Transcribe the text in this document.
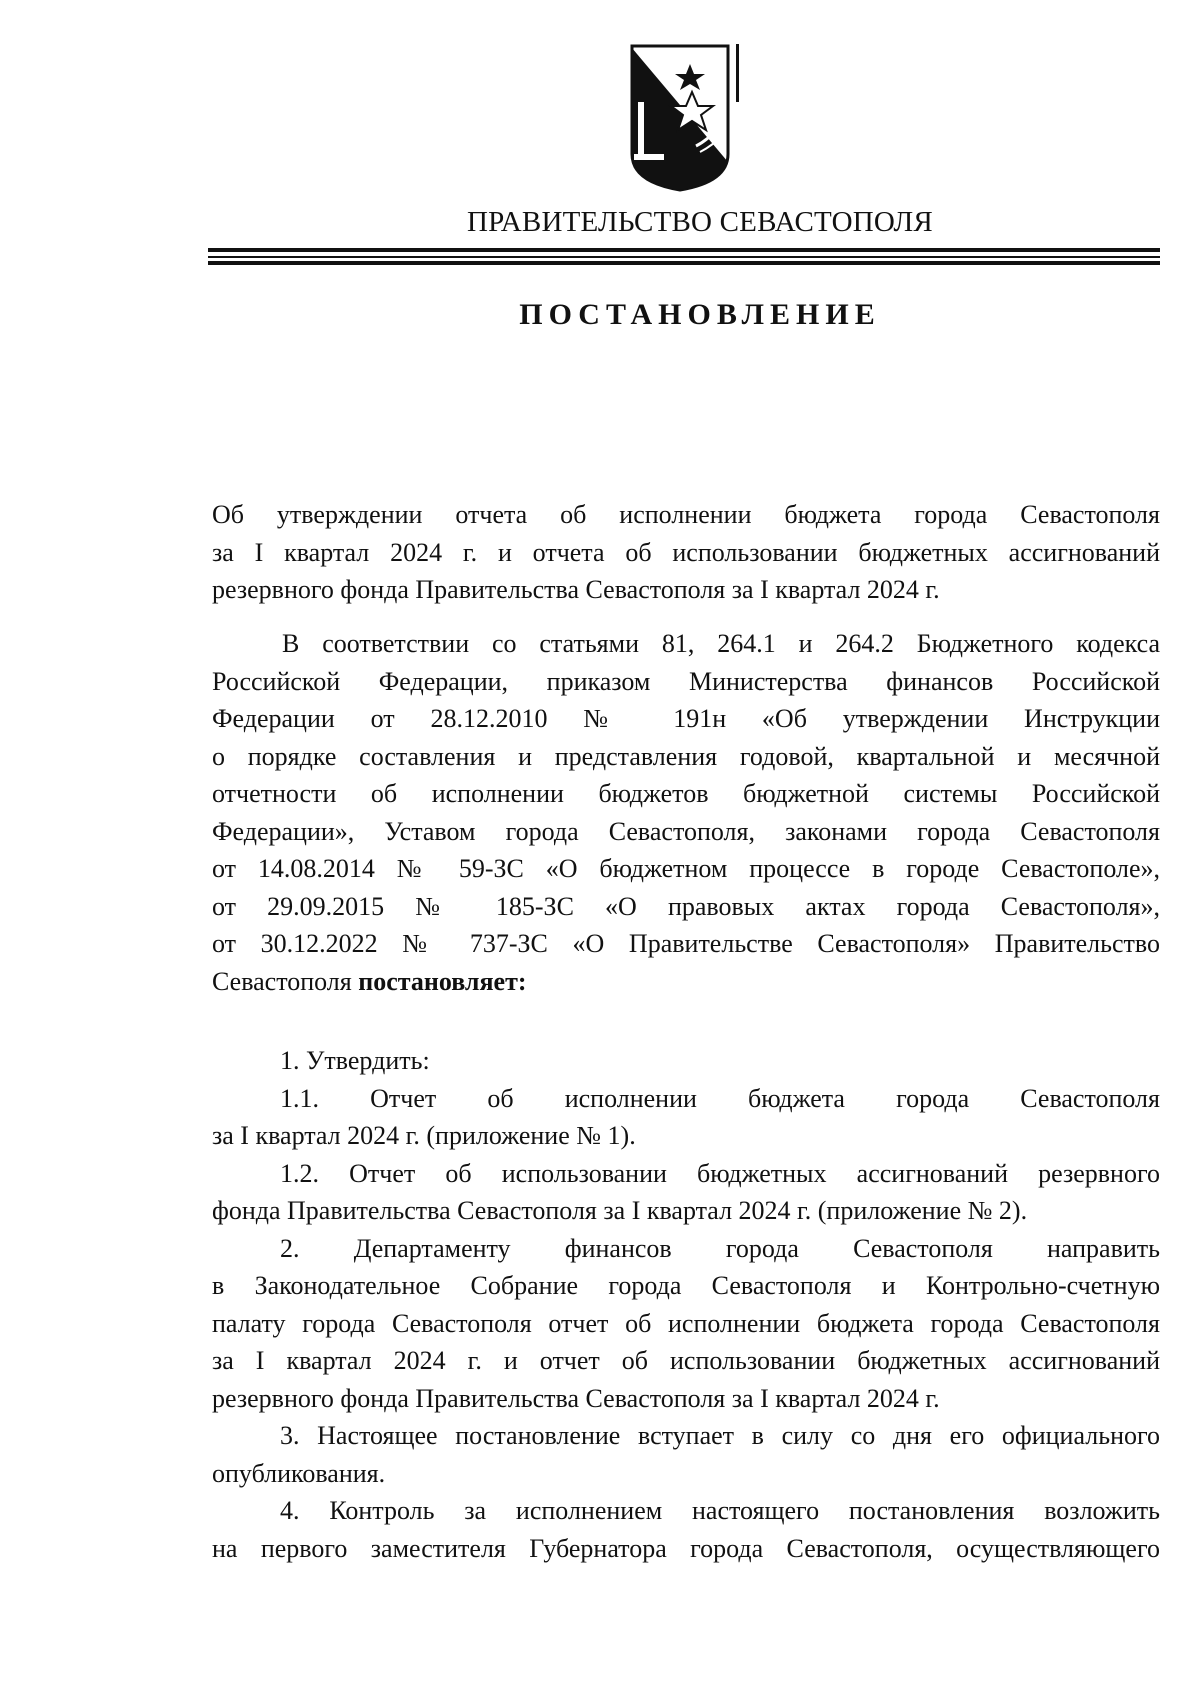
ПРАВИТЕЛЬСТВО СЕВАСТОПОЛЯ
ПОСТАНОВЛЕНИЕ
Об утверждении отчета об исполнении бюджета города Севастополя
за I квартал 2024 г. и отчета об использовании бюджетных ассигнований
резервного фонда Правительства Севастополя за I квартал 2024 г.
В соответствии со статьями 81, 264.1 и 264.2 Бюджетного кодекса
Российской Федерации, приказом Министерства финансов Российской
Федерации от 28.12.2010 № 191н «Об утверждении Инструкции
о порядке составления и представления годовой, квартальной и месячной
отчетности об исполнении бюджетов бюджетной системы Российской
Федерации», Уставом города Севастополя, законами города Севастополя
от 14.08.2014 № 59-ЗС «О бюджетном процессе в городе Севастополе»,
от 29.09.2015 № 185-ЗС «О правовых актах города Севастополя»,
от 30.12.2022 № 737-ЗС «О Правительстве Севастополя» Правительство
Севастополя постановляет:
1. Утвердить:
1.1. Отчет об исполнении бюджета города Севастополя
за I квартал 2024 г. (приложение № 1).
1.2. Отчет об использовании бюджетных ассигнований резервного
фонда Правительства Севастополя за I квартал 2024 г. (приложение № 2).
2. Департаменту финансов города Севастополя направить
в Законодательное Собрание города Севастополя и Контрольно-счетную
палату города Севастополя отчет об исполнении бюджета города Севастополя
за I квартал 2024 г. и отчет об использовании бюджетных ассигнований
резервного фонда Правительства Севастополя за I квартал 2024 г.
3. Настоящее постановление вступает в силу со дня его официального
опубликования.
4. Контроль за исполнением настоящего постановления возложить
на первого заместителя Губернатора города Севастополя, осуществляющего
